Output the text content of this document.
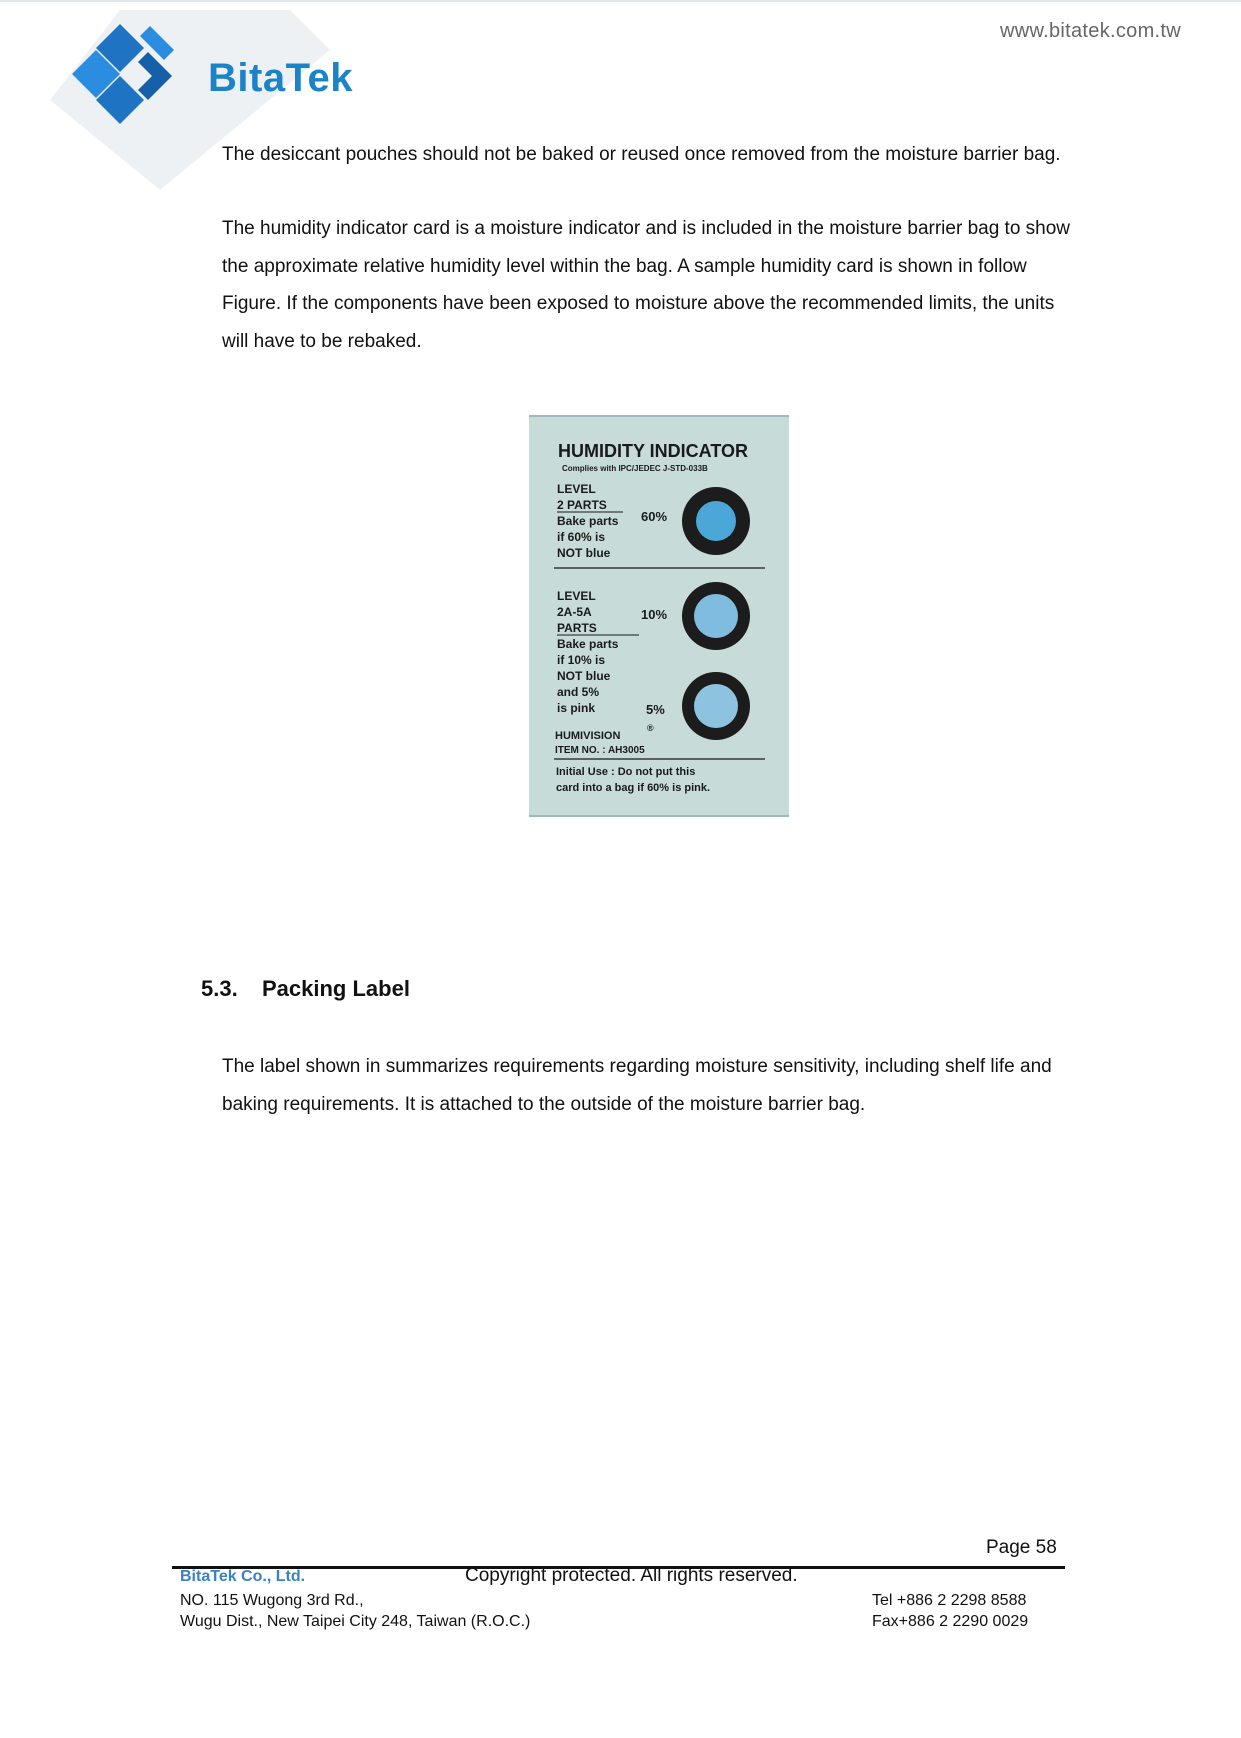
BitaTek
www.bitatek.com.tw
The desiccant pouches should not be baked or reused once removed from the moisture barrier bag.
The humidity indicator card is a moisture indicator and is included in the moisture barrier bag to show the approximate relative humidity level within the bag. A sample humidity card is shown in follow Figure. If the components have been exposed to moisture above the recommended limits, the units will have to be rebaked.
HUMIDITY INDICATOR
Complies with IPC/JEDEC J-STD-033B
LEVEL
2 PARTS
Bake parts
if 60% is
NOT blue
60%
LEVEL
2A-5A
PARTS
Bake parts
if 10% is
NOT blue
and 5%
is pink
10%
5%
HUMIVISION
®
ITEM NO. : AH3005
Initial Use : Do not put this
card into a bag if 60% is pink.
5.3. Packing Label
The label shown in summarizes requirements regarding moisture sensitivity, including shelf life and baking requirements. It is attached to the outside of the moisture barrier bag.
Page 58
BitaTek Co., Ltd.	Copyright protected. All rights reserved.
NO. 115 Wugong 3rd Rd.,
Wugu Dist., New Taipei City 248, Taiwan (R.O.C.)
Tel +886 2 2298 8588
Fax+886 2 2290 0029
